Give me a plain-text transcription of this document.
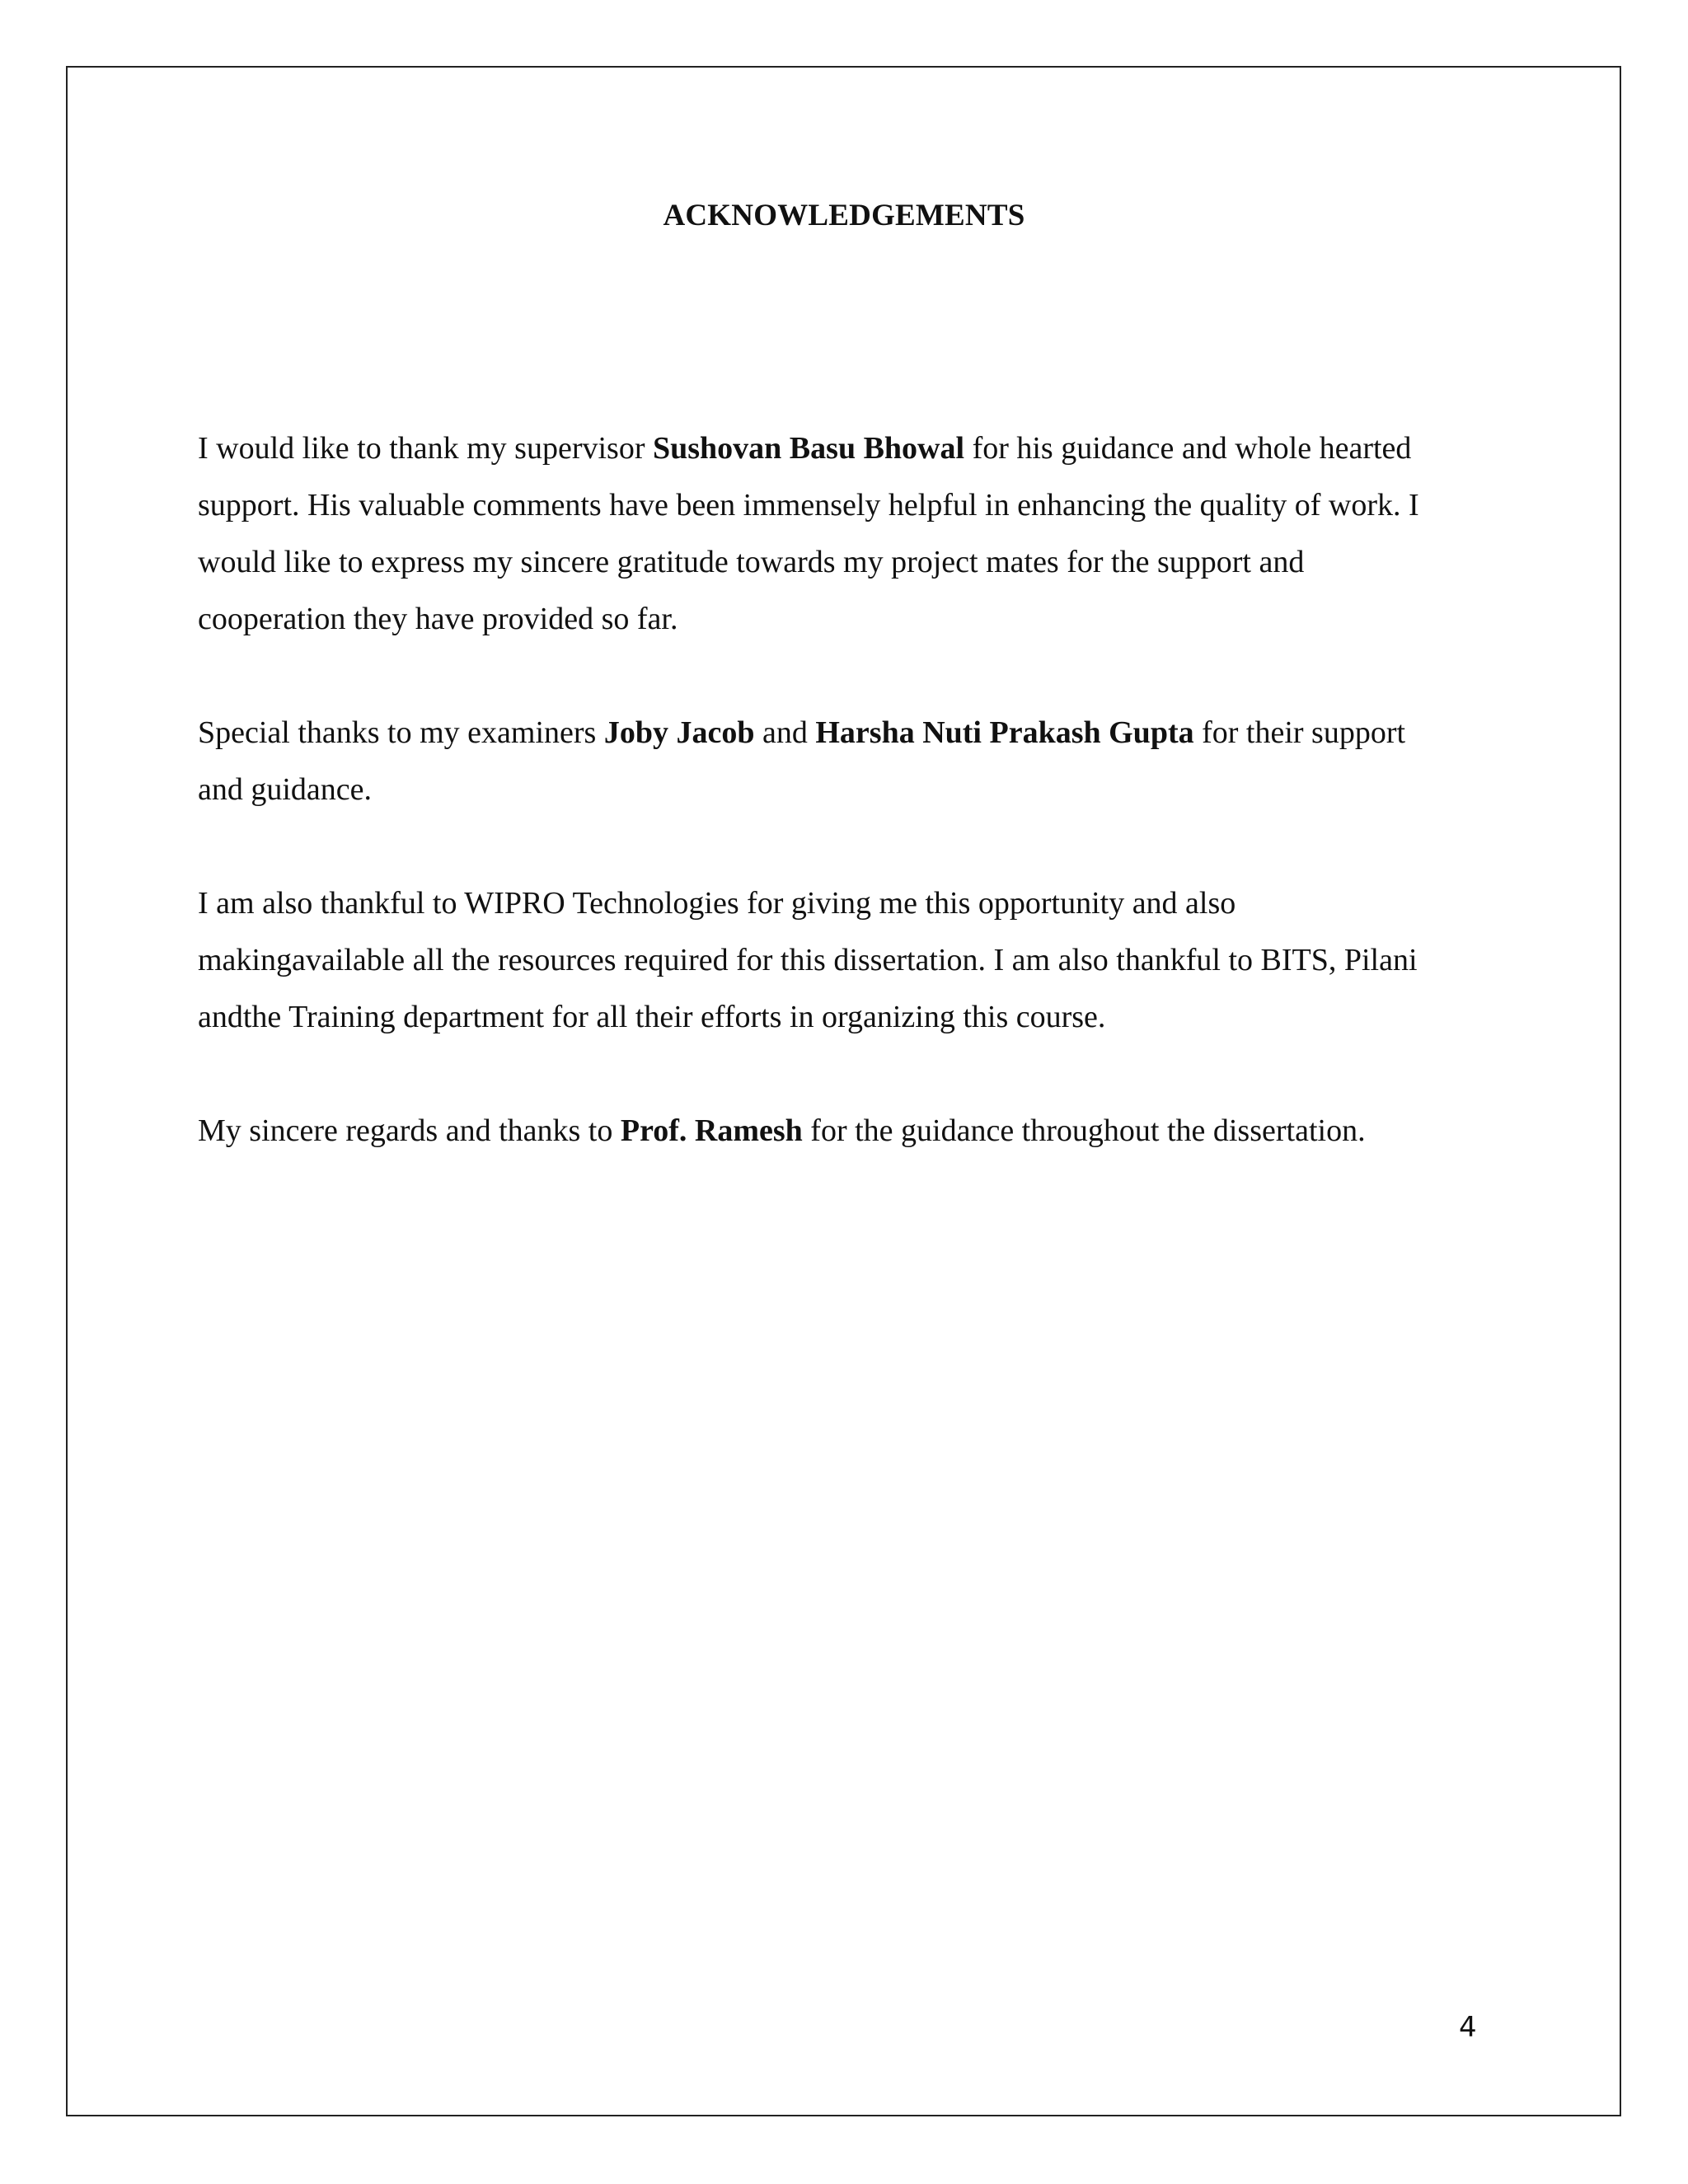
ACKNOWLEDGEMENTS

I would like to thank my supervisor Sushovan Basu Bhowal for his guidance and whole hearted
support. His valuable comments have been immensely helpful in enhancing the quality of work. I
would like to express my sincere gratitude towards my project mates for the support and
cooperation they have provided so far.

Special thanks to my examiners Joby Jacob and Harsha Nuti Prakash Gupta for their support
and guidance.

I am also thankful to WIPRO Technologies for giving me this opportunity and also
makingavailable all the resources required for this dissertation. I am also thankful to BITS, Pilani
andthe Training department for all their efforts in organizing this course.

My sincere regards and thanks to Prof. Ramesh for the guidance throughout the dissertation.

4
